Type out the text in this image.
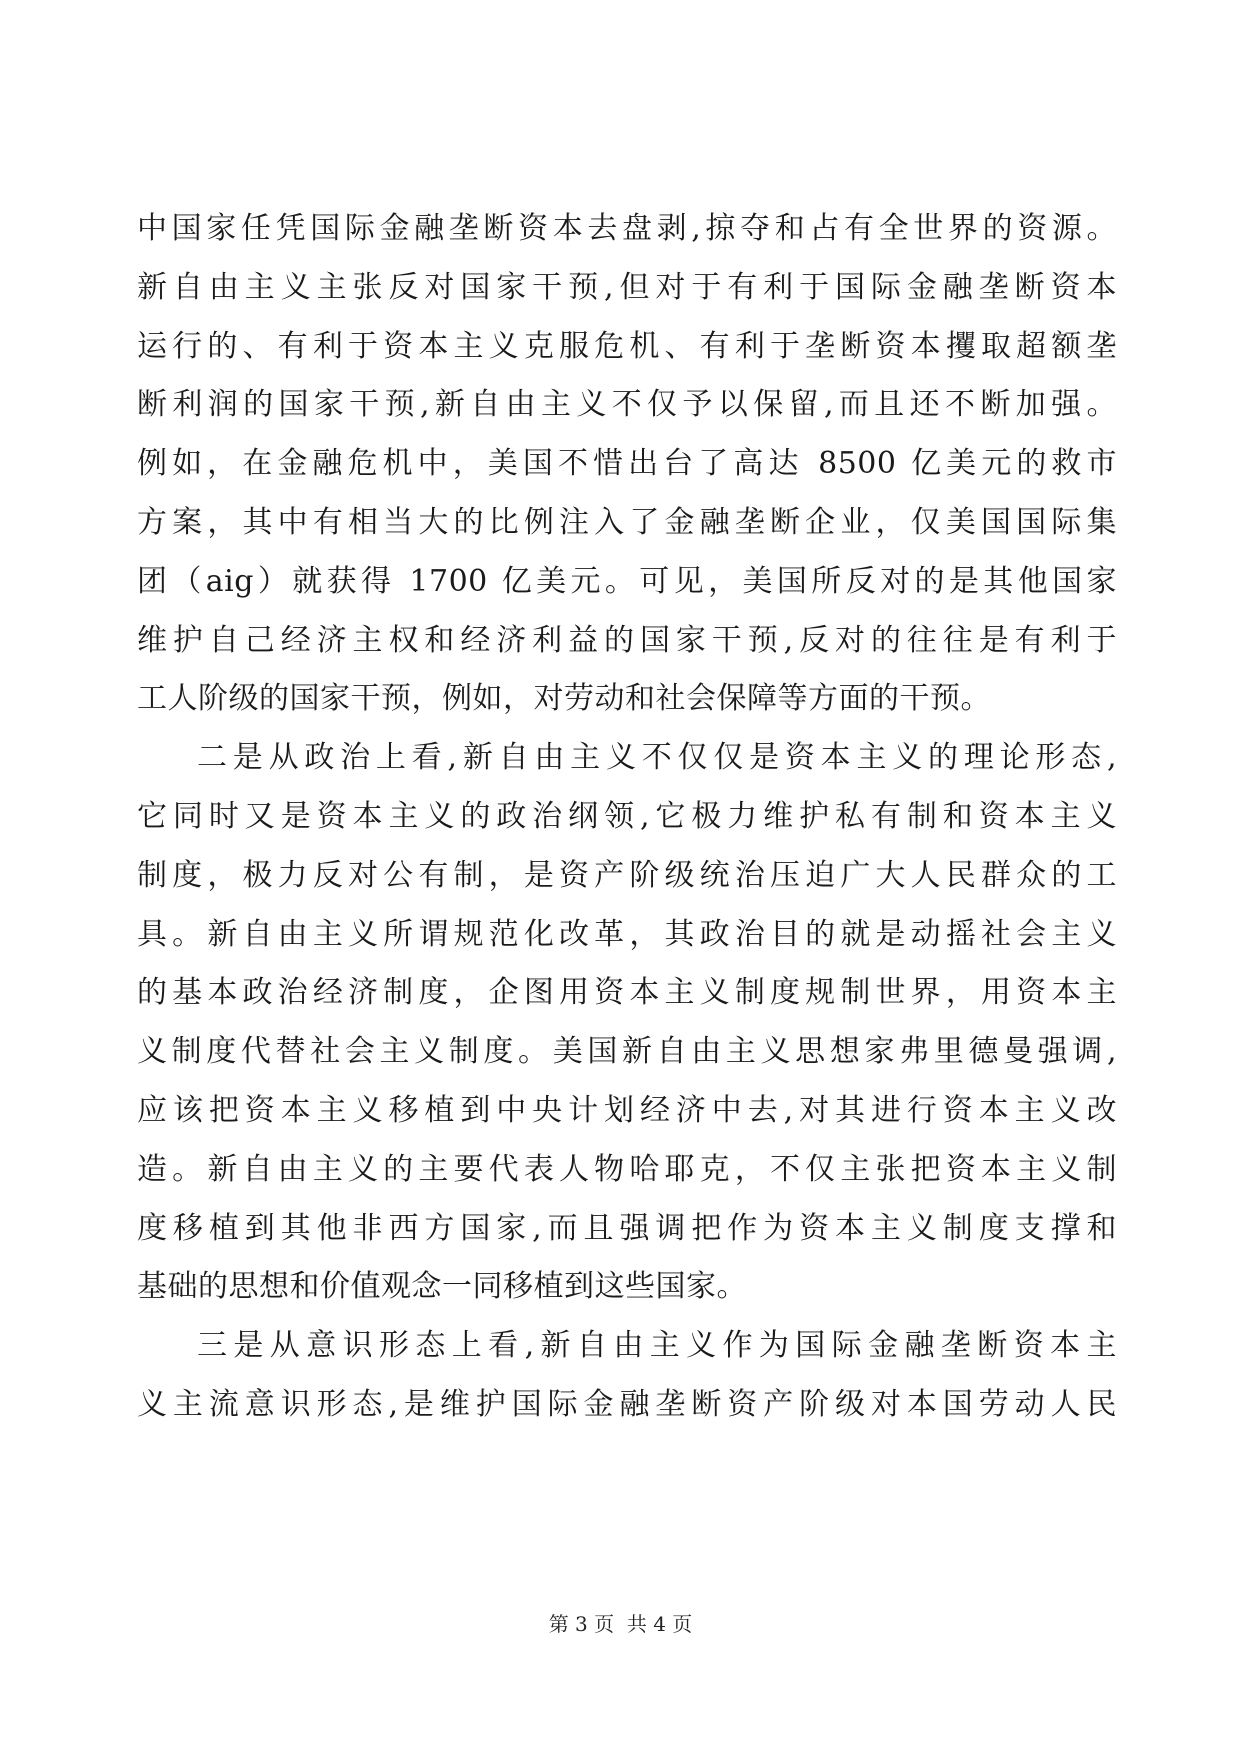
中国家任凭国际金融垄断资本去盘剥,掠夺和占有全世界的资源。
新自由主义主张反对国家干预,但对于有利于国际金融垄断资本
运行的、有利于资本主义克服危机、有利于垄断资本攫取超额垄
断利润的国家干预,新自由主义不仅予以保留,而且还不断加强。
例如，在金融危机中，美国不惜出台了高达 8500 亿美元的救市
方案，其中有相当大的比例注入了金融垄断企业，仅美国国际集
团（aig）就获得 1700 亿美元。可见，美国所反对的是其他国家
维护自己经济主权和经济利益的国家干预,反对的往往是有利于
工人阶级的国家干预，例如，对劳动和社会保障等方面的干预。
二是从政治上看,新自由主义不仅仅是资本主义的理论形态,
它同时又是资本主义的政治纲领,它极力维护私有制和资本主义
制度，极力反对公有制，是资产阶级统治压迫广大人民群众的工
具。新自由主义所谓规范化改革，其政治目的就是动摇社会主义
的基本政治经济制度，企图用资本主义制度规制世界，用资本主
义制度代替社会主义制度。美国新自由主义思想家弗里德曼强调,
应该把资本主义移植到中央计划经济中去,对其进行资本主义改
造。新自由主义的主要代表人物哈耶克，不仅主张把资本主义制
度移植到其他非西方国家,而且强调把作为资本主义制度支撑和
基础的思想和价值观念一同移植到这些国家。
三是从意识形态上看,新自由主义作为国际金融垄断资本主
义主流意识形态,是维护国际金融垄断资产阶级对本国劳动人民
第 3 页  共 4 页
